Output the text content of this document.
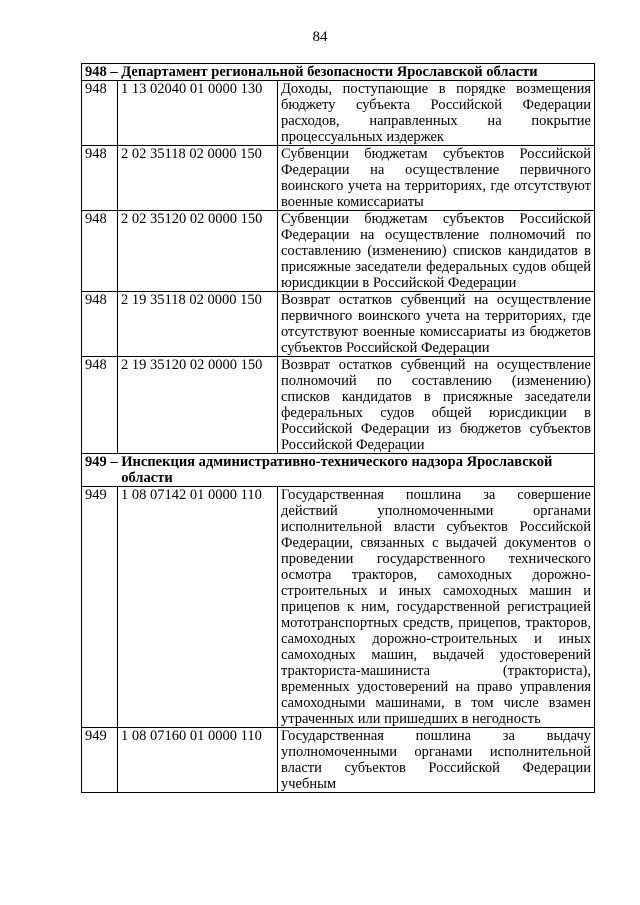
84
948 –
Департамент региональной безопасности Ярославской области		

948	1 13 02040 01 0000 130	Доходы, поступающие в порядке возмещения бюджету субъекта Российской Федерации расходов, направленных на покрытие процессуальных издержек
948	2 02 35118 02 0000 150	Субвенции бюджетам субъектов Российской Федерации на осуществление первичного воинского учета на территориях, где отсутствуют военные комиссариаты
948	2 02 35120 02 0000 150	Субвенции бюджетам субъектов Российской Федерации на осуществление полномочий по составлению (изменению) списков кандидатов в присяжные заседатели федеральных судов общей юрисдикции в Российской Федерации
948	2 19 35118 02 0000 150	Возврат остатков субвенций на осуществление первичного воинского учета на территориях, где отсутствуют военные комиссариаты из бюджетов субъектов Российской Федерации
948	2 19 35120 02 0000 150	Возврат остатков субвенций на осуществление полномочий по составлению (изменению) списков кандидатов в присяжные заседатели федеральных судов общей юрисдикции в Российской Федерации из бюджетов субъектов Российской Федерации

949 –
Инспекция административно-технического надзора Ярославской области		

949	1 08 07142 01 0000 110	Государственная пошлина за совершение действий уполномоченными органами исполнительной власти субъектов Российской Федерации, связанных с выдачей документов о проведении государственного технического осмотра тракторов, самоходных дорожно-строительных и иных самоходных машин и прицепов к ним, государственной регистрацией мототранспортных средств, прицепов, тракторов, самоходных дорожно-строительных и иных самоходных машин, выдачей удостоверений тракториста-машиниста (тракториста), временных удостоверений на право управления самоходными машинами, в том числе взамен утраченных или пришедших в негодность
949	1 08 07160 01 0000 110	Государственная пошлина за выдачу уполномоченными органами исполнительной власти субъектов Российской Федерации учебным
